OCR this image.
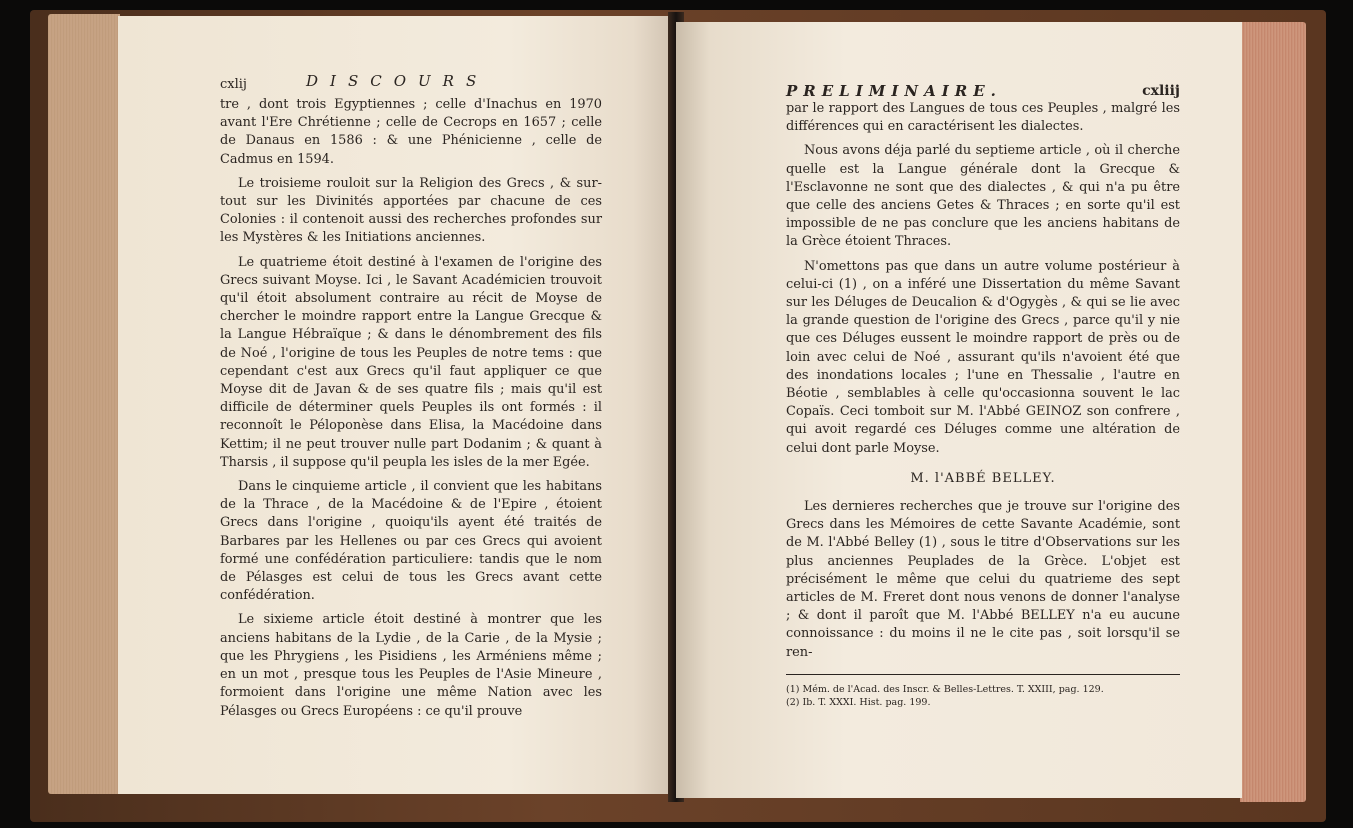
cxlij	DISCOURS

tre , dont trois Egyptiennes ; celle d'Inachus en 1970 avant l'Ere Chrétienne ; celle de Cecrops en 1657 ; celle de Danaus en 1586 : & une Phénicienne , celle de Cadmus en 1594.

Le troisieme rouloit sur la Religion des Grecs , & sur-tout sur les Divinités apportées par chacune de ces Colonies : il contenoit aussi des recherches profondes sur les Mystères & les Initiations anciennes.

Le quatrieme étoit destiné à l'examen de l'origine des Grecs suivant Moyse. Ici , le Savant Académicien trouvoit qu'il étoit absolument contraire au récit de Moyse de chercher le moindre rapport entre la Langue Grecque & la Langue Hébraïque ; & dans le dénombrement des fils de Noé , l'origine de tous les Peuples de notre tems : que cependant c'est aux Grecs qu'il faut appliquer ce que Moyse dit de Javan & de ses quatre fils ; mais qu'il est difficile de déterminer quels Peuples ils ont formés : il reconnoît le Péloponèse dans Elisa, la Macédoine dans Kettim; il ne peut trouver nulle part Dodanim ; & quant à Tharsis , il suppose qu'il peupla les isles de la mer Egée.

Dans le cinquieme article , il convient que les habitans de la Thrace , de la Macédoine & de l'Epire , étoient Grecs dans l'origine , quoiqu'ils ayent été traités de Barbares par les Hellenes ou par ces Grecs qui avoient formé une confédération particuliere: tandis que le nom de Pélasges est celui de tous les Grecs avant cette confédération.

Le sixieme article étoit destiné à montrer que les anciens habitans de la Lydie , de la Carie , de la Mysie ; que les Phrygiens , les Pisidiens , les Arméniens même ; en un mot , presque tous les Peuples de l'Asie Mineure , formoient dans l'origine une même Nation avec les Pélasges ou Grecs Européens : ce qu'il prouve

PRELIMINAIRE.	cxliij

par le rapport des Langues de tous ces Peuples , malgré les différences qui en caractérisent les dialectes.

Nous avons déja parlé du septieme article , où il cherche quelle est la Langue générale dont la Grecque & l'Esclavonne ne sont que des dialectes , & qui n'a pu être que celle des anciens Getes & Thraces ; en sorte qu'il est impossible de ne pas conclure que les anciens habitans de la Grèce étoient Thraces.

N'omettons pas que dans un autre volume postérieur à celui-ci (1) , on a inféré une Dissertation du même Savant sur les Déluges de Deucalion & d'Ogygès , & qui se lie avec la grande question de l'origine des Grecs , parce qu'il y nie que ces Déluges eussent le moindre rapport de près ou de loin avec celui de Noé , assurant qu'ils n'avoient été que des inondations locales ; l'une en Thessalie , l'autre en Béotie , semblables à celle qu'occasionna souvent le lac Copaïs. Ceci tomboit sur M. l'Abbé GEINOZ son confrere , qui avoit regardé ces Déluges comme une altération de celui dont parle Moyse.

M. l'ABBÉ BELLEY.

Les dernieres recherches que je trouve sur l'origine des Grecs dans les Mémoires de cette Savante Académie, sont de M. l'Abbé Belley (1) , sous le titre d'Observations sur les plus anciennes Peuplades de la Grèce. L'objet est précisément le même que celui du quatrieme des sept articles de M. Freret dont nous venons de donner l'analyse ; & dont il paroît que M. l'Abbé BELLEY n'a eu aucune connoissance : du moins il ne le cite pas , soit lorsqu'il se ren-

(1) Mém. de l'Acad. des Inscr. & Belles-Lettres. T. XXIII, pag. 129.

(2) Ib. T. XXXI. Hist. pag. 199.
